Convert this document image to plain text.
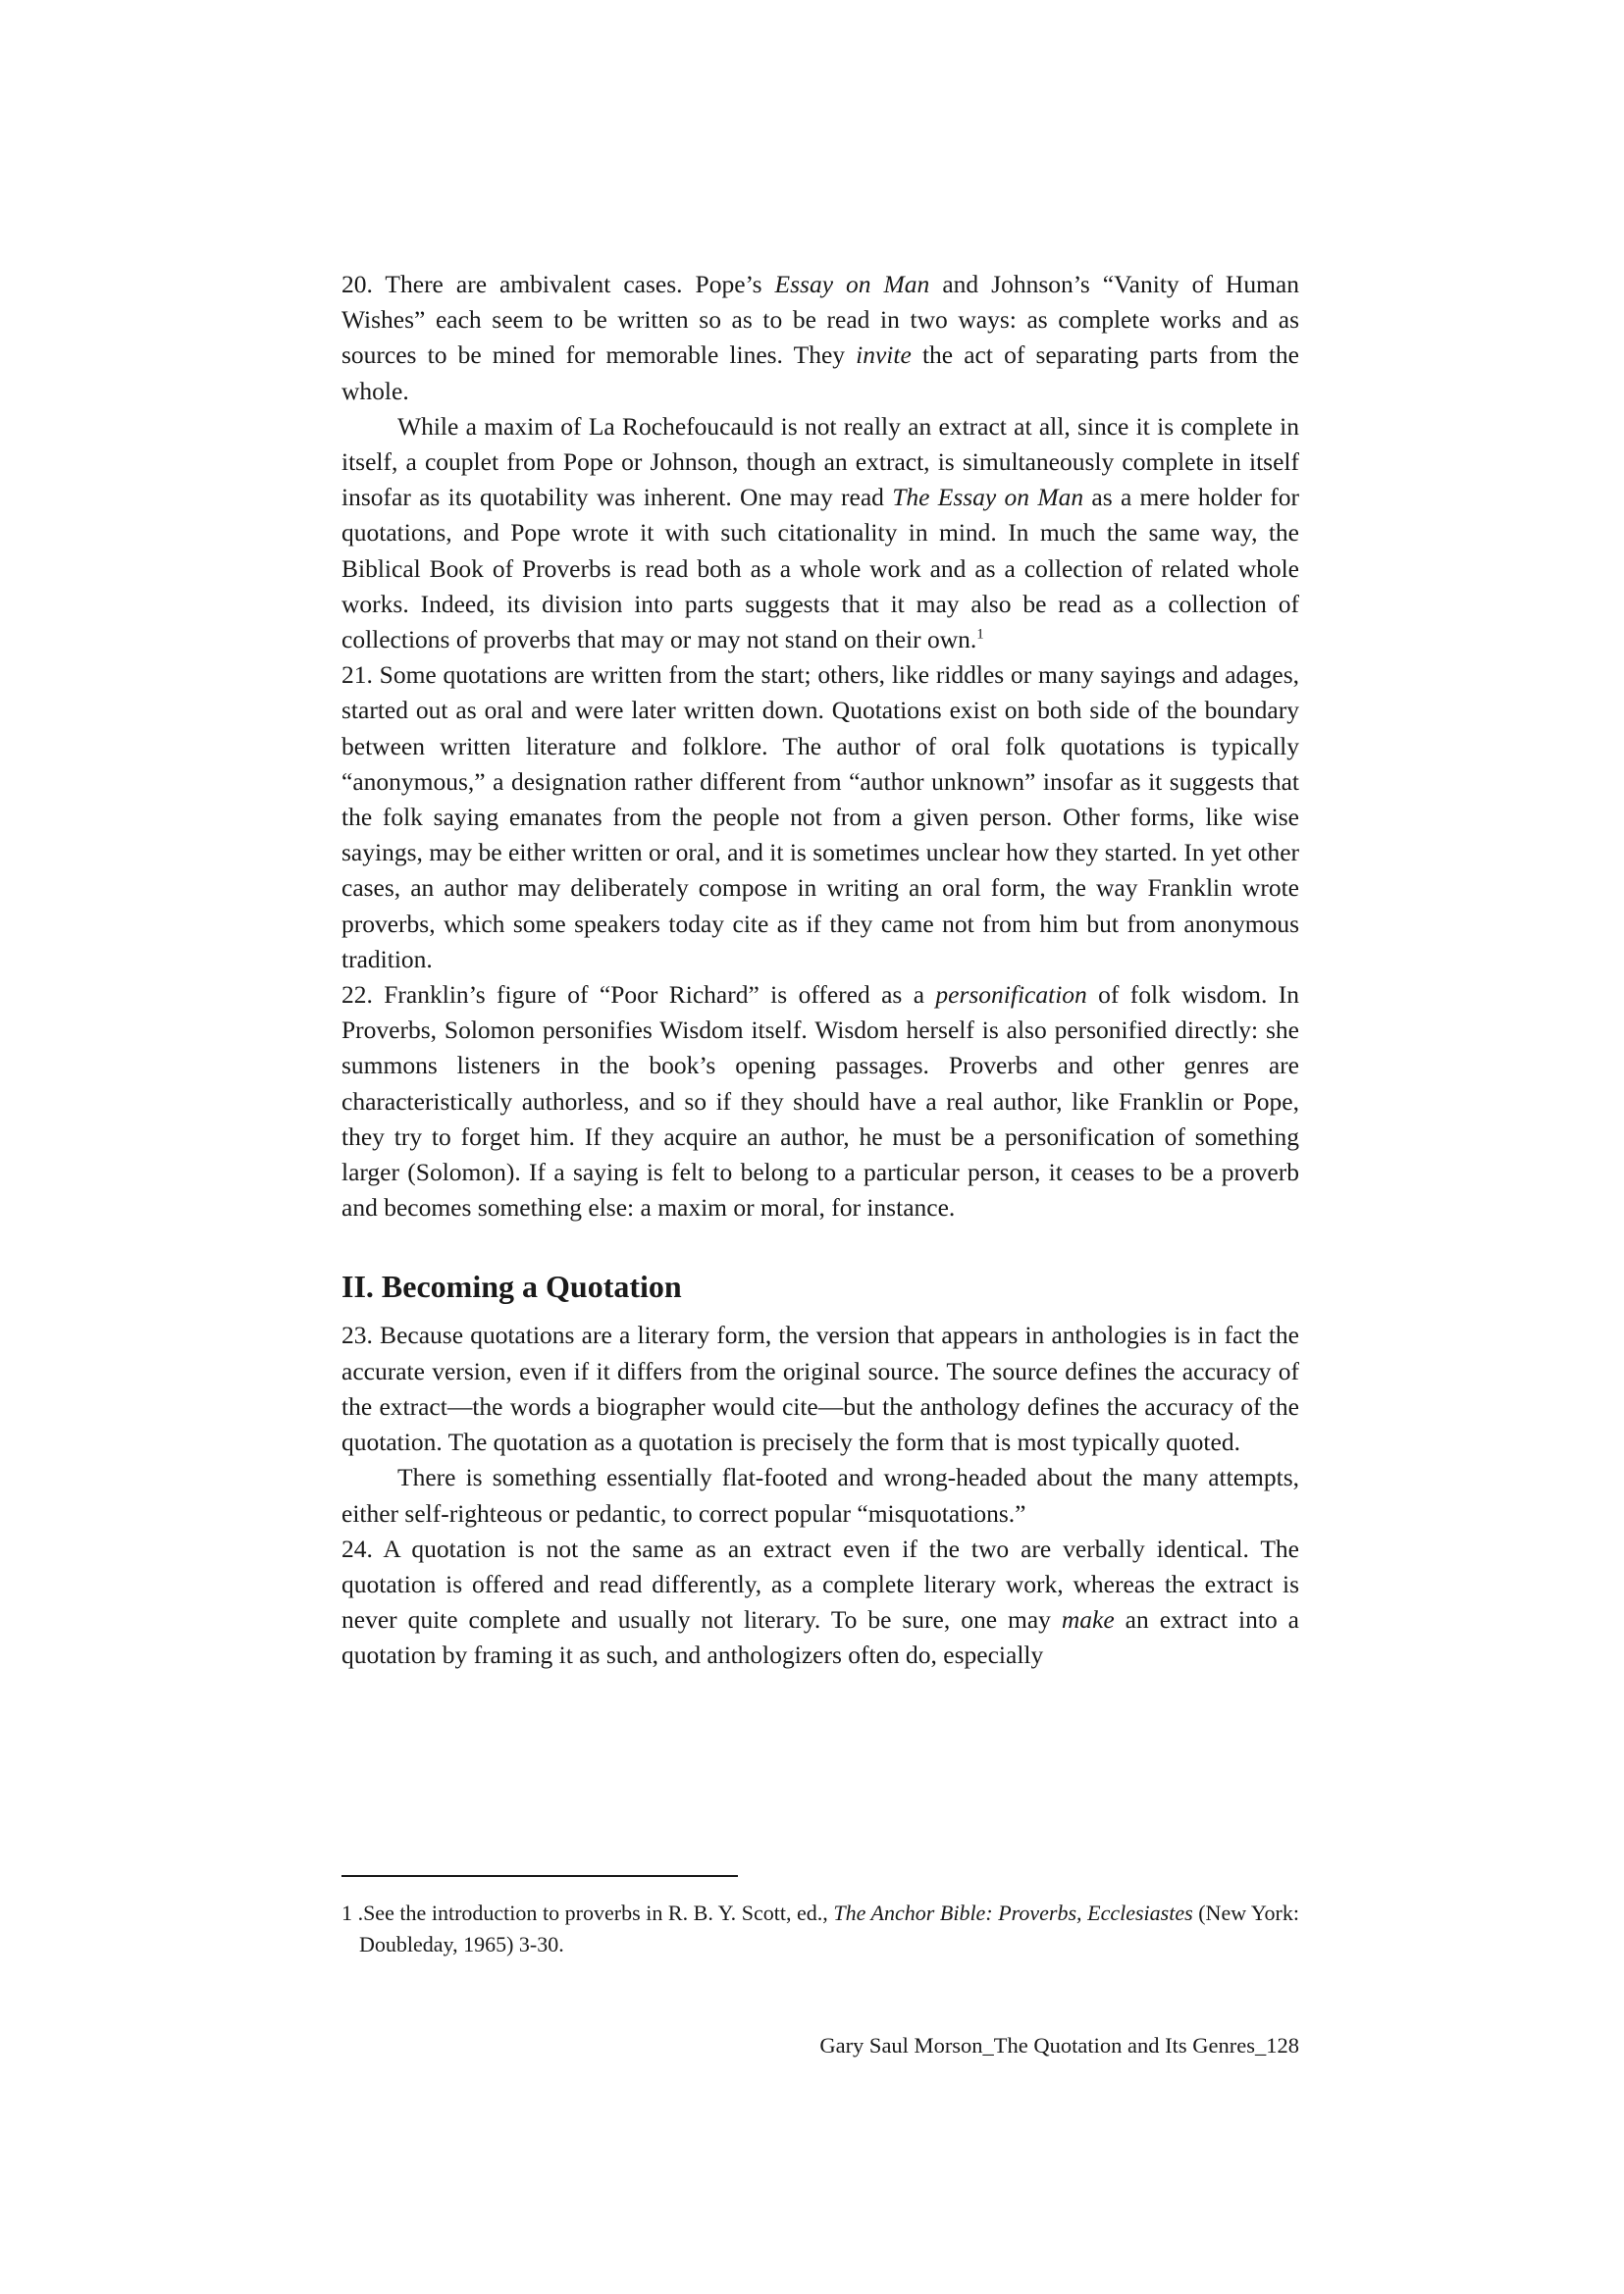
20. There are ambivalent cases. Pope’s Essay on Man and Johnson’s “Vanity of Human Wishes” each seem to be written so as to be read in two ways: as complete works and as sources to be mined for memorable lines. They invite the act of separating parts from the whole.

While a maxim of La Rochefoucauld is not really an extract at all, since it is complete in itself, a couplet from Pope or Johnson, though an extract, is simultaneously complete in itself insofar as its quotability was inherent. One may read The Essay on Man as a mere holder for quotations, and Pope wrote it with such citationality in mind. In much the same way, the Biblical Book of Proverbs is read both as a whole work and as a collection of related whole works. Indeed, its division into parts suggests that it may also be read as a collection of collections of proverbs that may or may not stand on their own.$^1$

21. Some quotations are written from the start; others, like riddles or many sayings and adages, started out as oral and were later written down. Quotations exist on both side of the boundary between written literature and folklore. The author of oral folk quotations is typically “anonymous,” a designation rather different from “author unknown” insofar as it suggests that the folk saying emanates from the people not from a given person. Other forms, like wise sayings, may be either written or oral, and it is sometimes unclear how they started. In yet other cases, an author may deliberately compose in writing an oral form, the way Franklin wrote proverbs, which some speakers today cite as if they came not from him but from anonymous tradition.

22. Franklin’s figure of “Poor Richard” is offered as a personification of folk wisdom. In Proverbs, Solomon personifies Wisdom itself. Wisdom herself is also personified directly: she summons listeners in the book’s opening passages. Proverbs and other genres are characteristically authorless, and so if they should have a real author, like Franklin or Pope, they try to forget him. If they acquire an author, he must be a personification of something larger (Solomon). If a saying is felt to belong to a particular person, it ceases to be a proverb and becomes something else: a maxim or moral, for instance.

II. Becoming a Quotation

23. Because quotations are a literary form, the version that appears in anthologies is in fact the accurate version, even if it differs from the original source. The source defines the accuracy of the extract—the words a biographer would cite—but the anthology defines the accuracy of the quotation. The quotation as a quotation is precisely the form that is most typically quoted.

There is something essentially flat-footed and wrong-headed about the many attempts, either self-righteous or pedantic, to correct popular “misquotations.”

24. A quotation is not the same as an extract even if the two are verbally identical. The quotation is offered and read differently, as a complete literary work, whereas the extract is never quite complete and usually not literary. To be sure, one may make an extract into a quotation by framing it as such, and anthologizers often do, especially

1 .See the introduction to proverbs in R. B. Y. Scott, ed., The Anchor Bible: Proverbs, Ecclesiastes (New York: Doubleday, 1965) 3-30.

Gary Saul Morson_The Quotation and Its Genres_128
